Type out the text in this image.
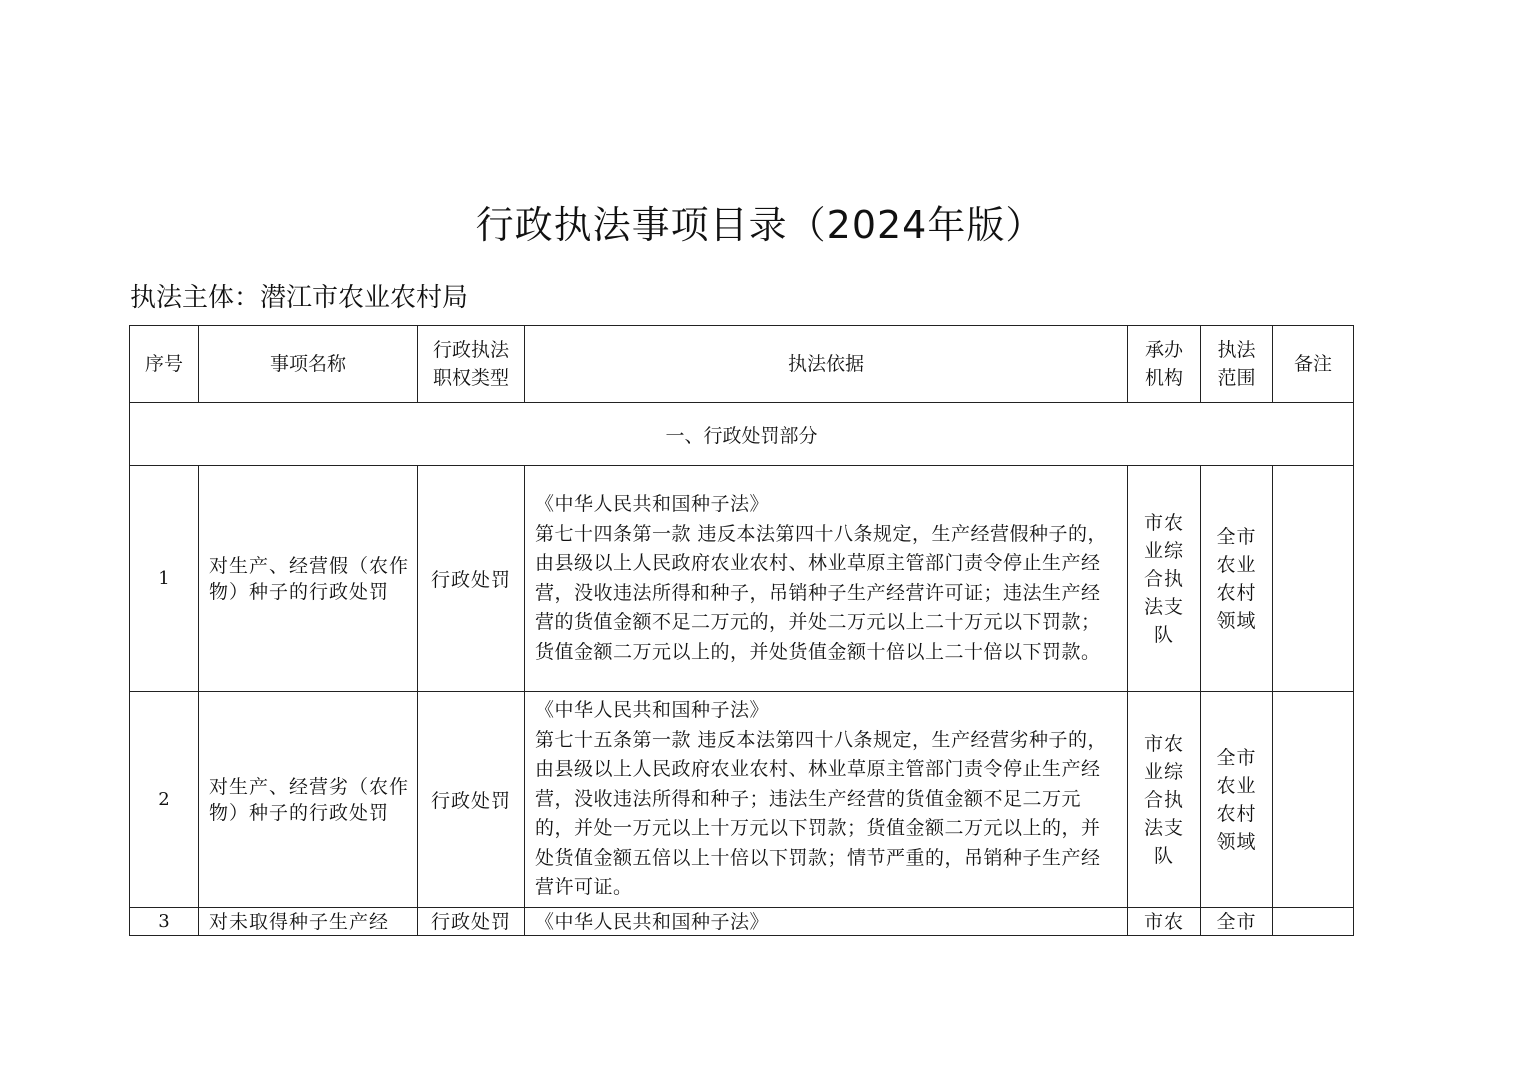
行政执法事项目录（2024年版）
执法主体：潜江市农业农村局
序号	事项名称	行政执法职权类型	执法依据	承办机构	执法范围	备注
一、行政处罚部分						
1	对生产、经营假（农作物）种子的行政处罚	行政处罚	《中华人民共和国种子法》
第七十四条第一款 违反本法第四十八条规定，生产经营假种子的，由县级以上人民政府农业农村、林业草原主管部门责令停止生产经营，没收违法所得和种子，吊销种子生产经营许可证；违法生产经营的货值金额不足二万元的，并处二万元以上二十万元以下罚款；货值金额二万元以上的，并处货值金额十倍以上二十倍以下罚款。	市农业综合执法支队	全市农业农村领域	
2	对生产、经营劣（农作物）种子的行政处罚	行政处罚	《中华人民共和国种子法》
第七十五条第一款 违反本法第四十八条规定，生产经营劣种子的，由县级以上人民政府农业农村、林业草原主管部门责令停止生产经营，没收违法所得和种子；违法生产经营的货值金额不足二万元的，并处一万元以上十万元以下罚款；货值金额二万元以上的，并处货值金额五倍以上十倍以下罚款；情节严重的，吊销种子生产经营许可证。	市农业综合执法支队	全市农业农村领域	
3	对未取得种子生产经	行政处罚	《中华人民共和国种子法》	市农	全市	
